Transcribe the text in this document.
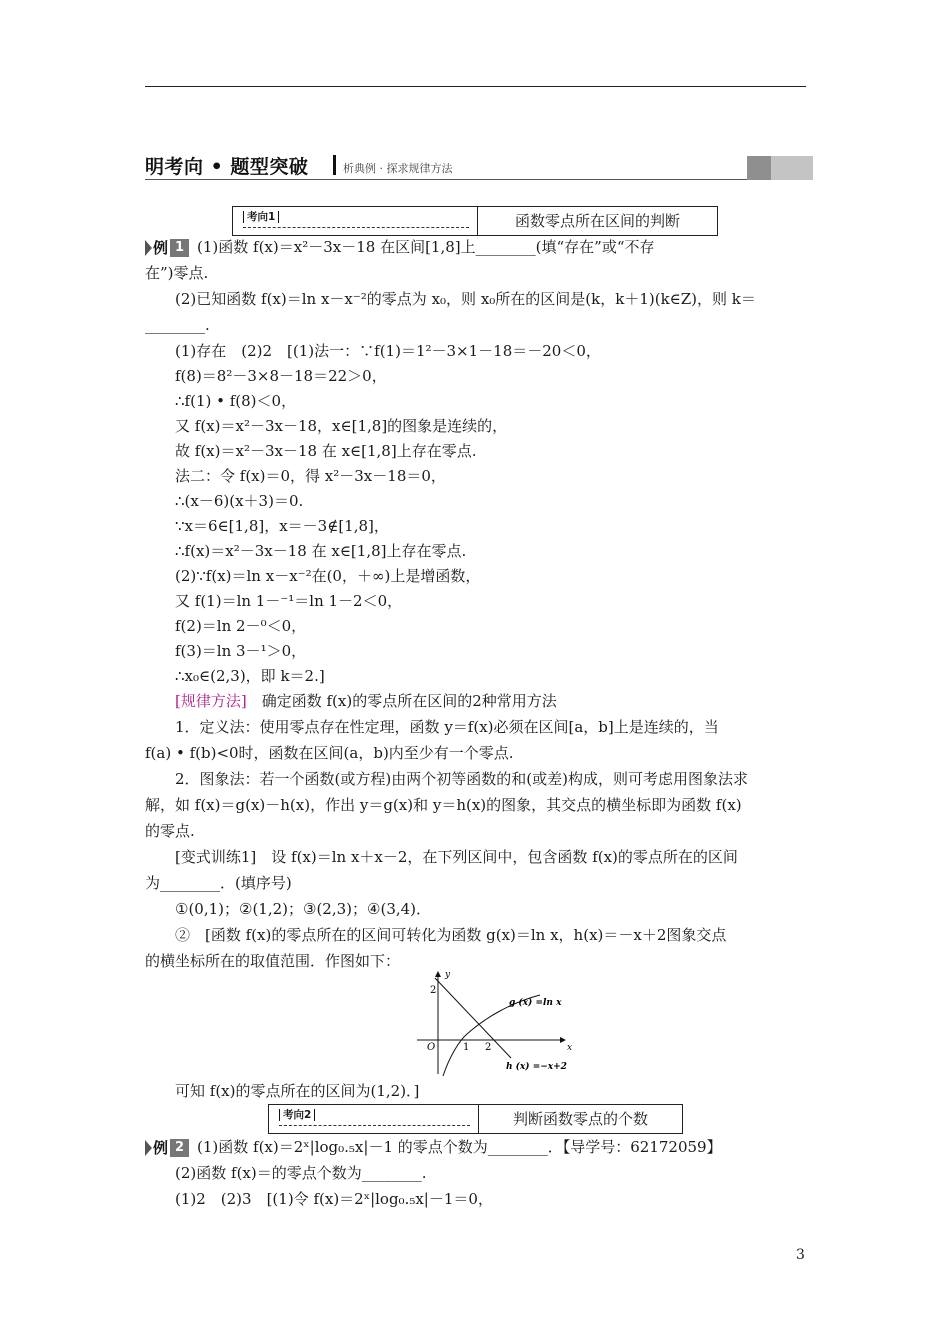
明考向 • 题型突破	析典例 · 探求规律方法
考向1	函数零点所在区间的判断
例 1 (1)函数 f(x)＝x²－3x－18 在区间[1,8]上________(填“存在”或“不存
在”)零点.
(2)已知函数 f(x)＝ln x－x⁻²的零点为 x₀，则 x₀所在的区间是(k，k＋1)(k∈Z)，则 k＝
________.
(1)存在　(2)2　[(1)法一：∵f(1)＝1²－3×1－18＝－20＜0，
f(8)＝8²－3×8－18＝22＞0，
∴f(1) • f(8)＜0，
又 f(x)＝x²－3x－18，x∈[1,8]的图象是连续的，
故 f(x)＝x²－3x－18 在 x∈[1,8]上存在零点.
法二：令 f(x)＝0，得 x²－3x－18＝0，
∴(x－6)(x＋3)＝0.
∵x＝6∈[1,8]，x＝－3∉[1,8]，
∴f(x)＝x²－3x－18 在 x∈[1,8]上存在零点.
(2)∵f(x)＝ln x－x⁻²在(0，＋∞)上是增函数，
又 f(1)＝ln 1－⁻¹＝ln 1－2＜0，
f(2)＝ln 2－⁰＜0，
f(3)＝ln 3－¹＞0，
∴x₀∈(2,3)，即 k＝2.]
[规律方法]　 确定函数 f(x)的零点所在区间的2种常用方法
1．定义法：使用零点存在性定理，函数 y＝f(x)必须在区间[a，b]上是连续的，当
f(a) • f(b)<0时，函数在区间(a，b)内至少有一个零点.
2．图象法：若一个函数(或方程)由两个初等函数的和(或差)构成，则可考虑用图象法求
解，如 f(x)＝g(x)－h(x)，作出 y＝g(x)和 y＝h(x)的图象，其交点的横坐标即为函数 f(x)
的零点.
[变式训练1]　设 f(x)＝ln x＋x－2，在下列区间中，包含函数 f(x)的零点所在的区间
为________．(填序号)
①(0,1)；②(1,2)；③(2,3)；④(3,4)．
②　[函数 f(x)的零点所在的区间可转化为函数 g(x)＝ln x，h(x)＝－x＋2图象交点
的横坐标所在的取值范围．作图如下：
y
x
O	1 2
2
g (x) =ln x
h (x) =−x+2
可知 f(x)的零点所在的区间为(1,2)．]
考向2	判断函数零点的个数
例 2 (1)函数 f(x)＝2ˣ|log₀.₅x|－1 的零点个数为________．【导学号：62172059】
(2)函数 f(x)＝的零点个数为________.
(1)2　(2)3　[(1)令 f(x)＝2ˣ|log₀.₅x|－1＝0，
3
